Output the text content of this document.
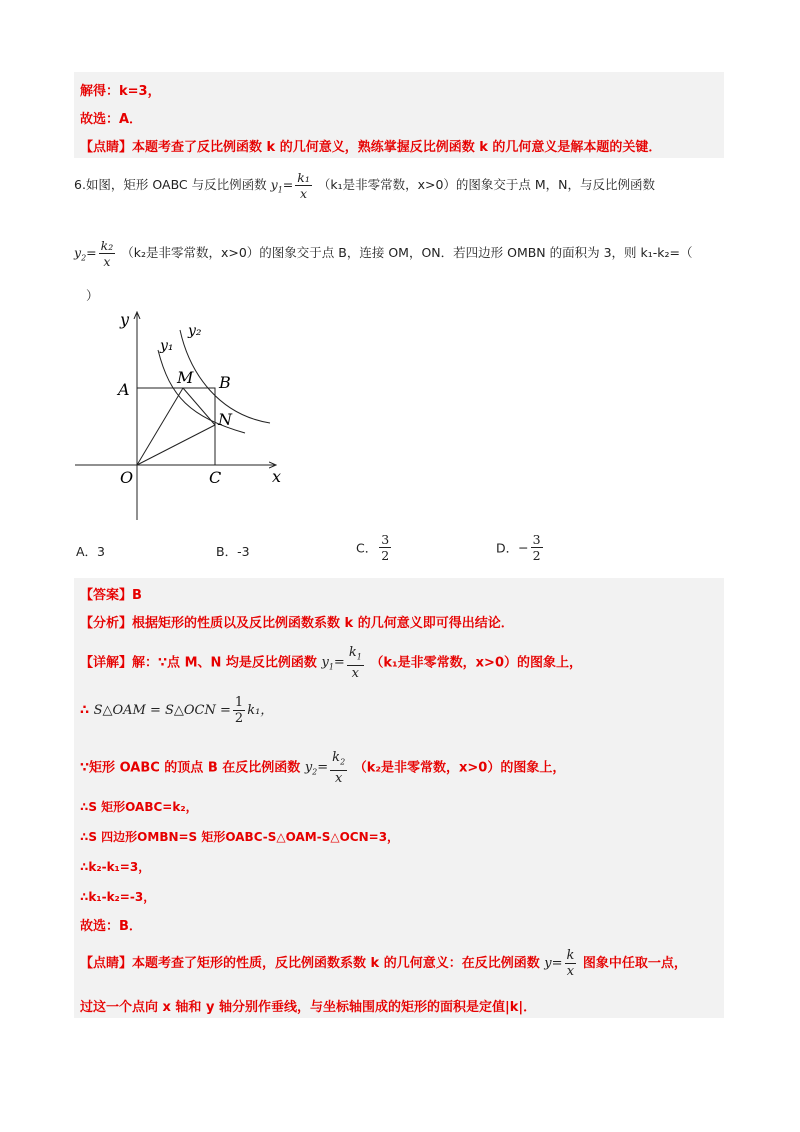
解得：k=3，
故选：A．
【点睛】本题考查了反比例函数 k 的几何意义，熟练掌握反比例函数 k 的几何意义是解本题的关键．
6.如图，矩形 OABC 与反比例函数 $y_1= \frac{\text{k₁}}{x} (k_1$是非零常数，x>0）的图象交于点 M，N，与反比例函数
$y_2= \frac{\text{k₂}}{x} (k_2$是非零常数，x>0）的图象交于点 B，连接 OM，ON．若四边形 OMBN 的面积为 3，则 k₁-k₂=（
）
y
x
O
A	B
C
M
N
y₁
y₂
A．3	B．-3	C． $\frac{3}{2}$	D．− $\frac{3}{2}$
【答案】B
【分析】根据矩形的性质以及反比例函数系数 k 的几何意义即可得出结论．
【详解】解：∵点 M、N 均是反比例函数 $y_1= \frac{k_1}{x} (k_1$是非零常数，x>0）的图象上，
∴ S△OAM = S△OCN = $\frac{1}{2} k_1$，
∵矩形 OABC 的顶点 B 在反比例函数 $y_2= \frac{k_2}{x} (k_2$是非零常数，x>0）的图象上，
∴S 矩形OABC=k₂，
∴S 四边形OMBN=S 矩形OABC-S△OAM-S△OCN=3，
∴k₂-k₁=3，
∴k₁-k₂=-3，
故选：B．
【点睛】本题考查了矩形的性质，反比例函数系数 k 的几何意义：在反比例函数 $y= \frac{k}{x}$ 图象中任取一点，
过这一个点向 x 轴和 y 轴分别作垂线，与坐标轴围成的矩形的面积是定值|k|．
